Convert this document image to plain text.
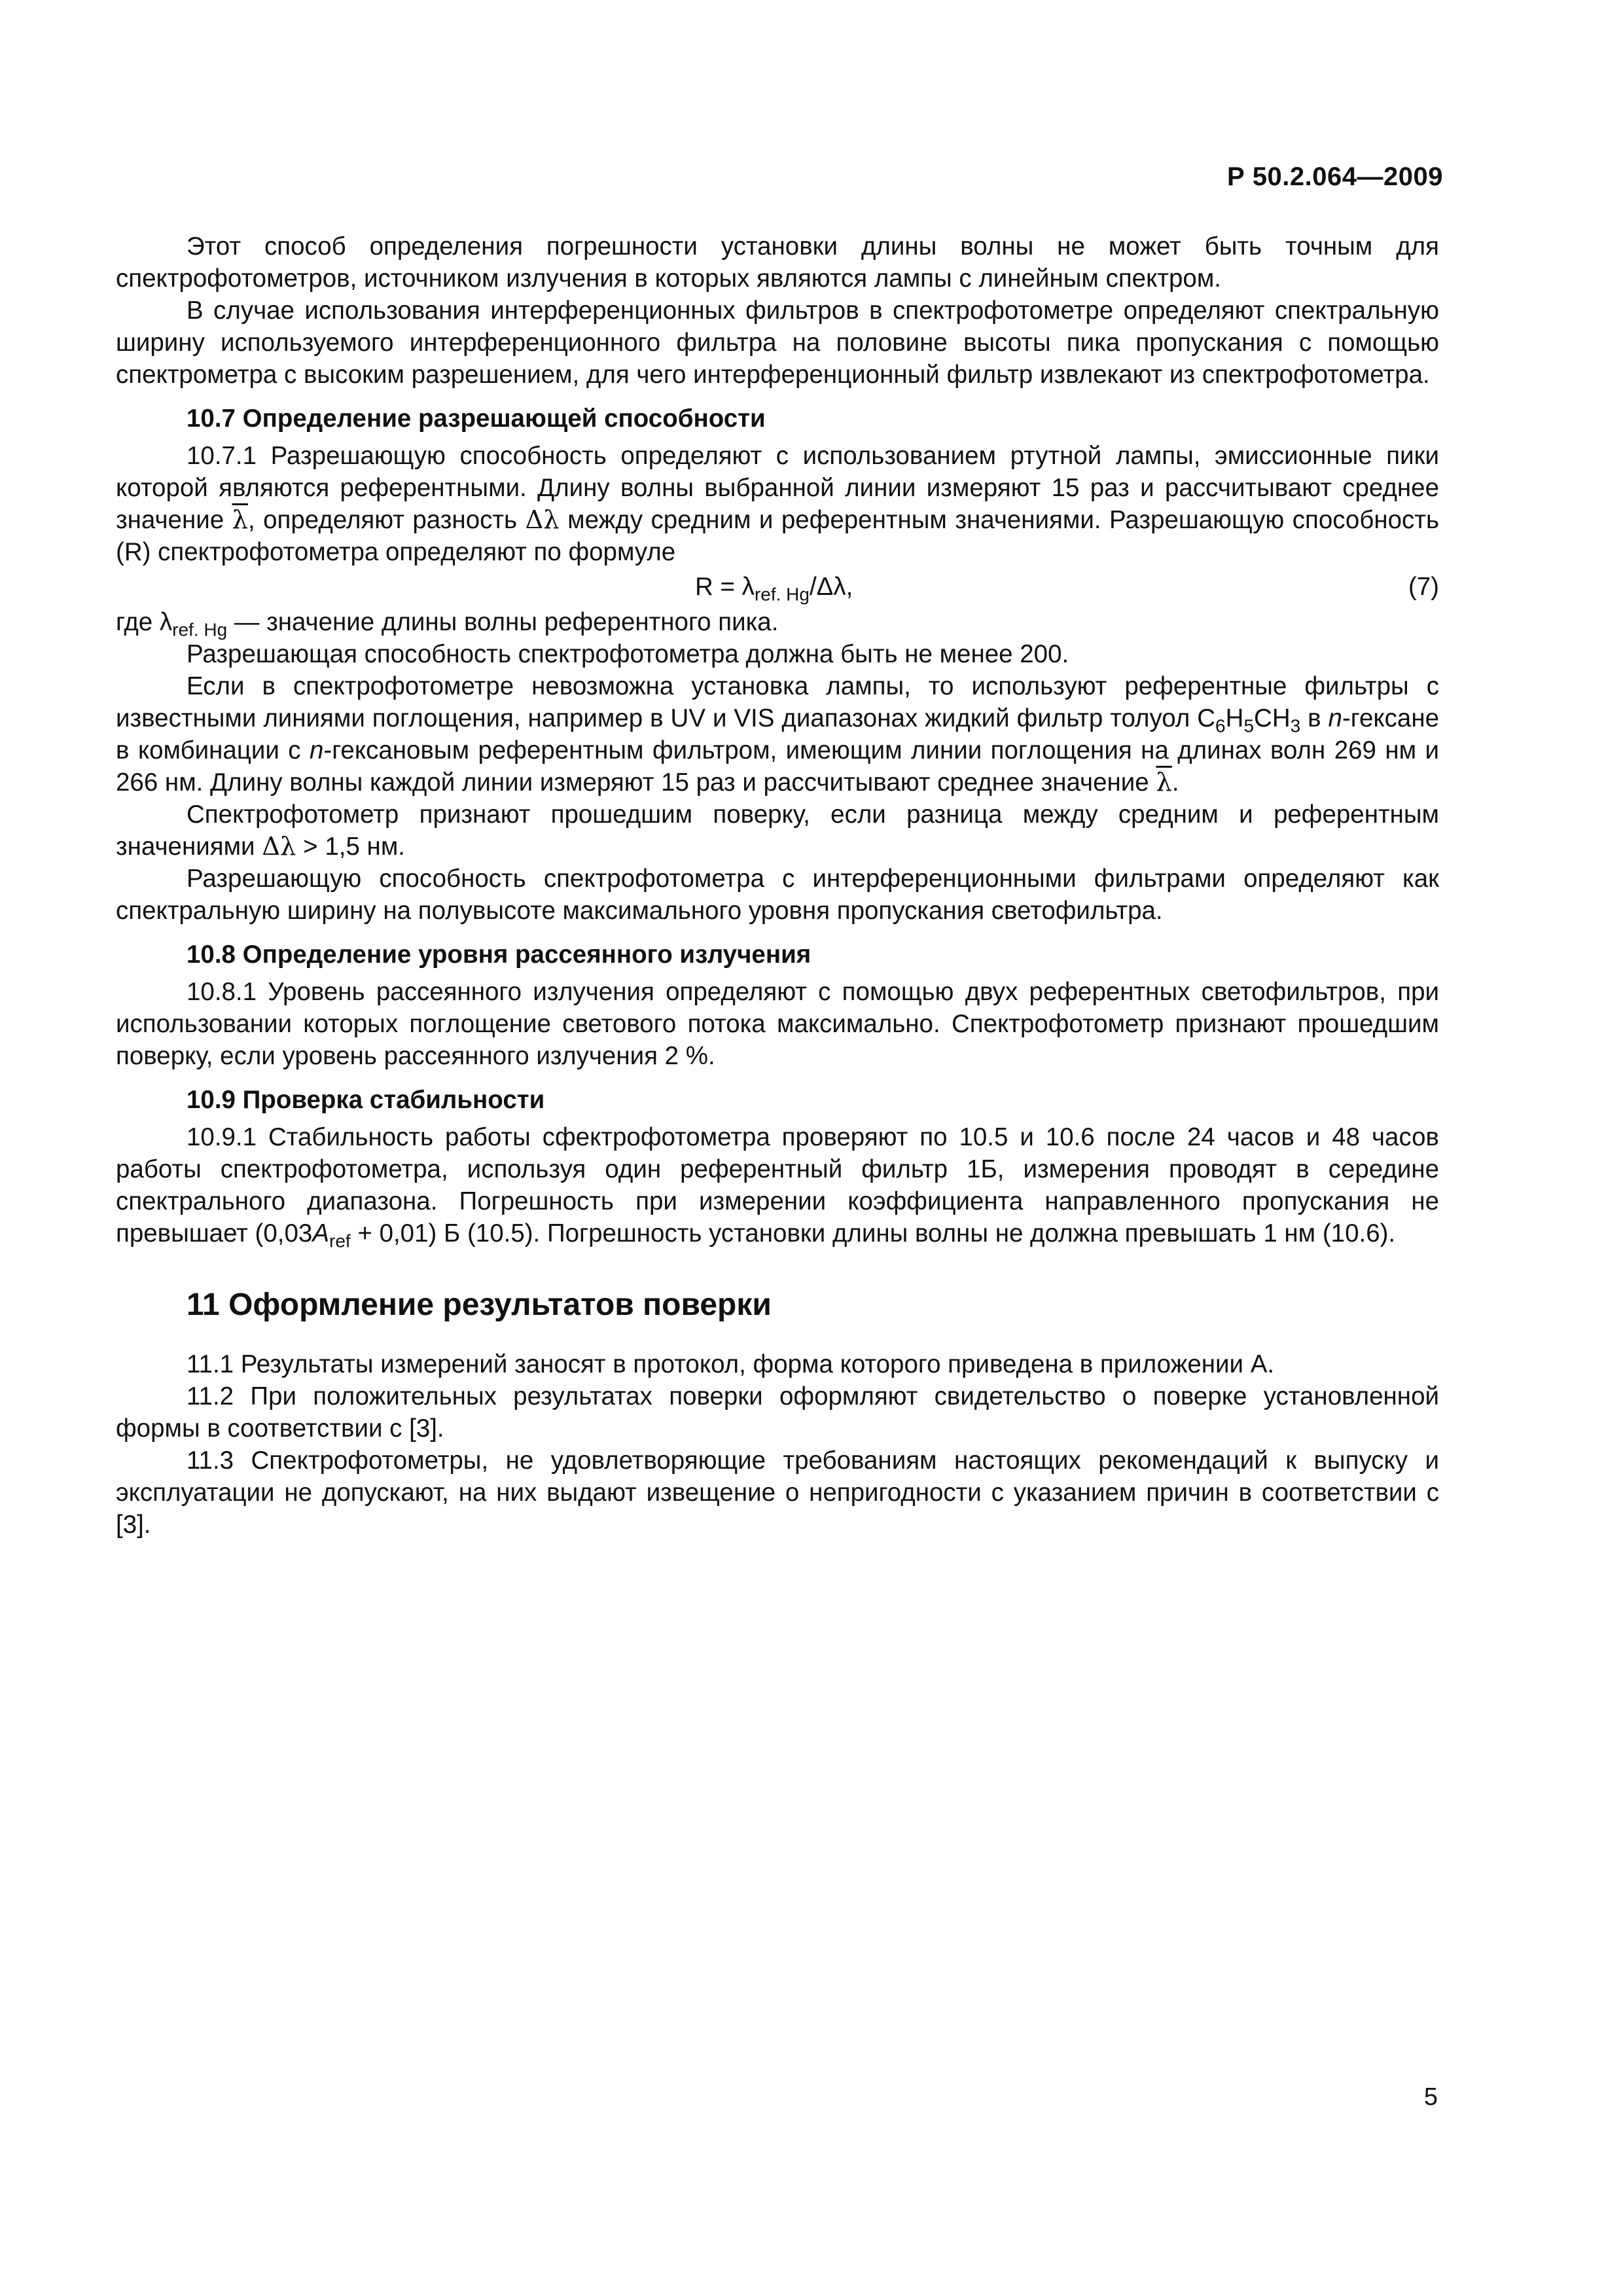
Р 50.2.064—2009

Этот способ определения погрешности установки длины волны не может быть точным для спектрофотометров, источником излучения в которых являются лампы с линейным спектром.

В случае использования интерференционных фильтров в спектрофотометре определяют спектральную ширину используемого интерференционного фильтра на половине высоты пика пропускания с помощью спектрометра с высоким разрешением, для чего интерференционный фильтр извлекают из спектрофотометра.

10.7 Определение разрешающей способности

10.7.1 Разрешающую способность определяют с использованием ртутной лампы, эмиссионные пики которой являются референтными. Длину волны выбранной линии измеряют 15 раз и рассчитывают среднее значение $\overline{\lambda}$, определяют разность Δλ между средним и референтным значениями. Разрешающую способность (R) спектрофотометра определяют по формуле

$R = \lambda_{ref. Hg}/\Delta\lambda$,	(7)

где $\lambda_{ref. Hg}$ — значение длины волны референтного пика.

Разрешающая способность спектрофотометра должна быть не менее 200.

Если в спектрофотометре невозможна установка лампы, то используют референтные фильтры с известными линиями поглощения, например в UV и VIS диапазонах жидкий фильтр толуол $C_6H_5CH_3$ в n-гексане в комбинации с n-гексановым референтным фильтром, имеющим линии поглощения на длинах волн 269 нм и 266 нм. Длину волны каждой линии измеряют 15 раз и рассчитывают среднее значение $\overline{\lambda}$.

Спектрофотометр признают прошедшим поверку, если разница между средним и референтным значениями Δλ > 1,5 нм.

Разрешающую способность спектрофотометра с интерференционными фильтрами определяют как спектральную ширину на полувысоте максимального уровня пропускания светофильтра.

10.8 Определение уровня рассеянного излучения

10.8.1 Уровень рассеянного излучения определяют с помощью двух референтных светофильтров, при использовании которых поглощение светового потока максимально. Спектрофотометр признают прошедшим поверку, если уровень рассеянного излучения 2 %.

10.9 Проверка стабильности

10.9.1 Стабильность работы сфектрофотометра проверяют по 10.5 и 10.6 после 24 часов и 48 часов работы спектрофотометра, используя один референтный фильтр 1Б, измерения проводят в середине спектрального диапазона. Погрешность при измерении коэффициента направленного пропускания не превышает $(0,03A_{ref} + 0,01)$ Б (10.5). Погрешность установки длины волны не должна превышать 1 нм (10.6).

11 Оформление результатов поверки

11.1 Результаты измерений заносят в протокол, форма которого приведена в приложении А.

11.2 При положительных результатах поверки оформляют свидетельство о поверке установленной формы в соответствии с [3].

11.3 Спектрофотометры, не удовлетворяющие требованиям настоящих рекомендаций к выпуску и эксплуатации не допускают, на них выдают извещение о непригодности с указанием причин в соответствии с [3].

5
